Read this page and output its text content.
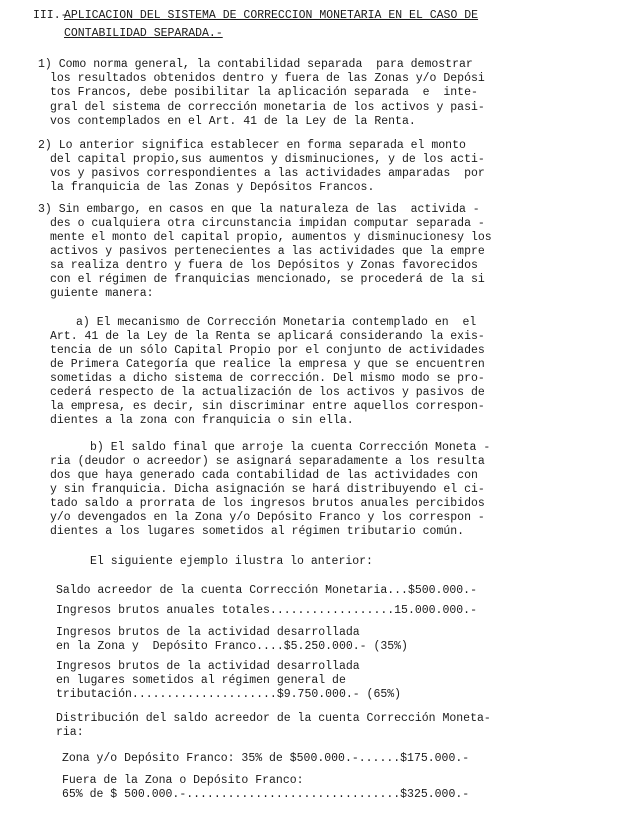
III.-
APLICACION DEL SISTEMA DE CORRECCION MONETARIA EN EL CASO DE
CONTABILIDAD SEPARADA.-
1) Como norma general, la contabilidad separada  para demostrar
los resultados obtenidos dentro y fuera de las Zonas y/o Depósi
tos Francos, debe posibilitar la aplicación separada  e  inte-
gral del sistema de corrección monetaria de los activos y pasi-
vos contemplados en el Art. 41 de la Ley de la Renta.
2) Lo anterior significa establecer en forma separada el monto
del capital propio,sus aumentos y disminuciones, y de los acti-
vos y pasivos correspondientes a las actividades amparadas  por
la franquicia de las Zonas y Depósitos Francos.
3) Sin embargo, en casos en que la naturaleza de las  activida -
des o cualquiera otra circunstancia impidan computar separada -
mente el monto del capital propio, aumentos y disminucionesy los
activos y pasivos pertenecientes a las actividades que la empre
sa realiza dentro y fuera de los Depósitos y Zonas favorecidos
con el régimen de franquicias mencionado, se procederá de la si
guiente manera:
a) El mecanismo de Corrección Monetaria contemplado en  el
Art. 41 de la Ley de la Renta se aplicará considerando la exis-
tencia de un sólo Capital Propio por el conjunto de actividades
de Primera Categoría que realice la empresa y que se encuentren
sometidas a dicho sistema de corrección. Del mismo modo se pro-
cederá respecto de la actualización de los activos y pasivos de
la empresa, es decir, sin discriminar entre aquellos correspon-
dientes a la zona con franquicia o sin ella.
b) El saldo final que arroje la cuenta Corrección Moneta -
ria (deudor o acreedor) se asignará separadamente a los resulta
dos que haya generado cada contabilidad de las actividades con
y sin franquicia. Dicha asignación se hará distribuyendo el ci-
tado saldo a prorrata de los ingresos brutos anuales percibidos
y/o devengados en la Zona y/o Depósito Franco y los correspon -
dientes a los lugares sometidos al régimen tributario común.
El siguiente ejemplo ilustra lo anterior:
Saldo acreedor de la cuenta Corrección Monetaria...$500.000.-
Ingresos brutos anuales totales..................15.000.000.-
Ingresos brutos de la actividad desarrollada
en la Zona y  Depósito Franco....$5.250.000.- (35%)
Ingresos brutos de la actividad desarrollada
en lugares sometidos al régimen general de
tributación.....................$9.750.000.- (65%)
Distribución del saldo acreedor de la cuenta Corrección Moneta-
ria:
Zona y/o Depósito Franco: 35% de $500.000.-......$175.000.-
Fuera de la Zona o Depósito Franco:
65% de $ 500.000.-...............................$325.000.-
